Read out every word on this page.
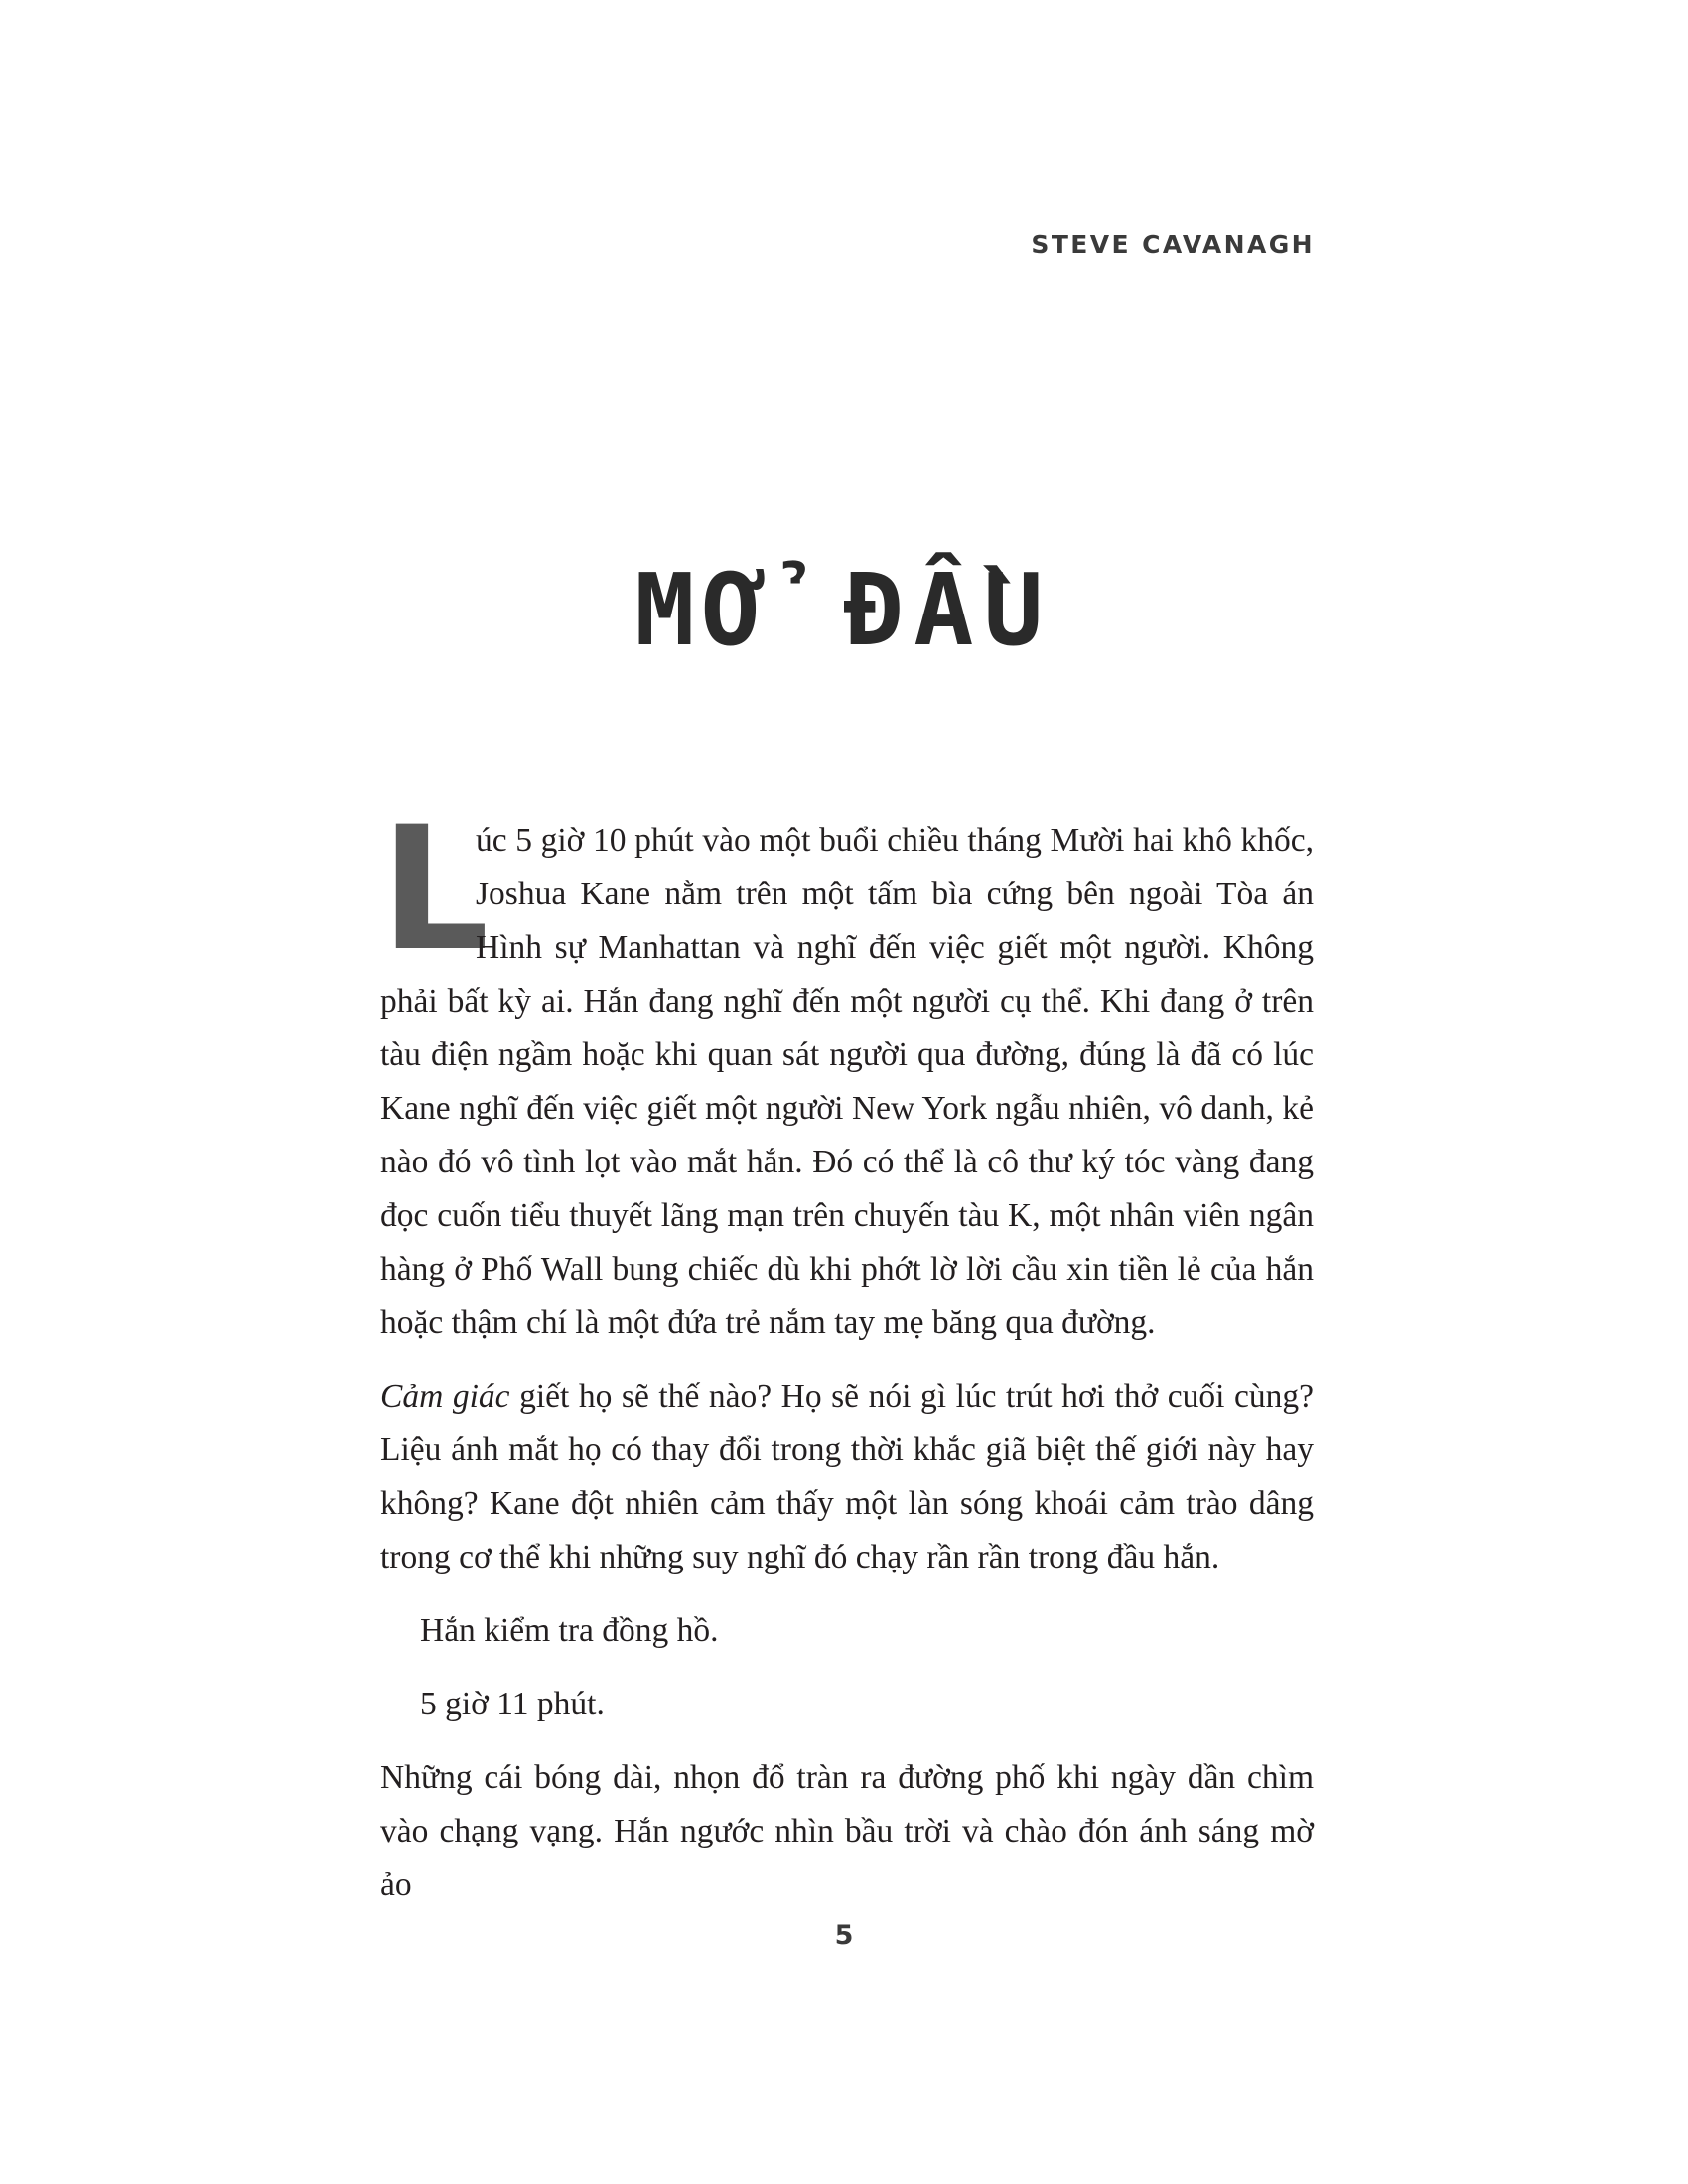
STEVE CAVANAGH
MỞ ĐẦU

L
úc 5 giờ 10 phút vào một buổi chiều tháng Mười hai khô khốc, Joshua Kane nằm trên một tấm bìa cứng bên ngoài Tòa án Hình sự Manhattan và nghĩ đến việc giết một người. Không phải bất kỳ ai. Hắn đang nghĩ đến một người cụ thể. Khi đang ở trên tàu điện ngầm hoặc khi quan sát người qua đường, đúng là đã có lúc Kane nghĩ đến việc giết một người New York ngẫu nhiên, vô danh, kẻ nào đó vô tình lọt vào mắt hắn. Đó có thể là cô thư ký tóc vàng đang đọc cuốn tiểu thuyết lãng mạn trên chuyến tàu K, một nhân viên ngân hàng ở Phố Wall bung chiếc dù khi phớt lờ lời cầu xin tiền lẻ của hắn hoặc thậm chí là một đứa trẻ nắm tay mẹ băng qua đường.

Cảm giác giết họ sẽ thế nào? Họ sẽ nói gì lúc trút hơi thở cuối cùng? Liệu ánh mắt họ có thay đổi trong thời khắc giã biệt thế giới này hay không? Kane đột nhiên cảm thấy một làn sóng khoái cảm trào dâng trong cơ thể khi những suy nghĩ đó chạy rần rần trong đầu hắn.

Hắn kiểm tra đồng hồ.

5 giờ 11 phút.

Những cái bóng dài, nhọn đổ tràn ra đường phố khi ngày dần chìm vào chạng vạng. Hắn ngước nhìn bầu trời và chào đón ánh sáng mờ ảo

5
